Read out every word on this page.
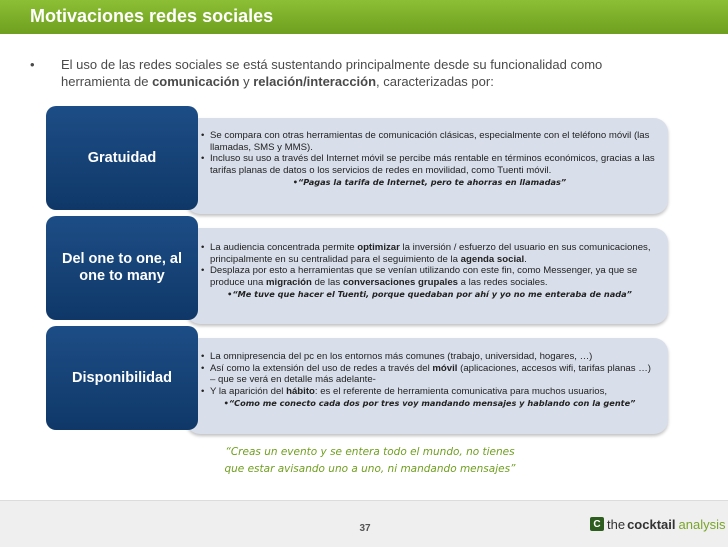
Motivaciones redes sociales
• El uso de las redes sociales se está sustentando principalmente desde su funcionalidad como herramienta de comunicación y relación/interacción, caracterizadas por:
• Se compara con otras herramientas de comunicación clásicas, especialmente con el teléfono móvil (las llamadas, SMS y MMS).
• Incluso su uso a través del Internet móvil se percibe más rentable en términos económicos, gracias a las tarifas planas de datos o los servicios de redes en movilidad, como Tuenti móvil.
• “Pagas la tarifa de Internet, pero te ahorras en llamadas”
Gratuidad
• La audiencia concentrada permite optimizar la inversión / esfuerzo del usuario en sus comunicaciones, principalmente en su centralidad para el seguimiento de la agenda social.
• Desplaza por esto a herramientas que se venían utilizando con este fin, como Messenger, ya que se produce una migración de las conversaciones grupales a las redes sociales.
• “Me tuve que hacer el Tuenti, porque quedaban por ahí y yo no me enteraba de nada”
Del one to one, al one to many
• La omnipresencia del pc en los entornos más comunes (trabajo, universidad, hogares, …)
• Así como la extensión del uso de redes a través del móvil (aplicaciones, accesos wifi, tarifas planas …) – que se verá en detalle más adelante-
• Y la aparición del hábito: es el referente de herramienta comunicativa para muchos usuarios,
• “Como me conecto cada dos por tres voy mandando mensajes y hablando con la gente”
Disponibilidad
“Creas un evento y se entera todo el mundo, no tienes que estar avisando uno a uno, ni mandando mensajes”
37	C the cocktail analysis
